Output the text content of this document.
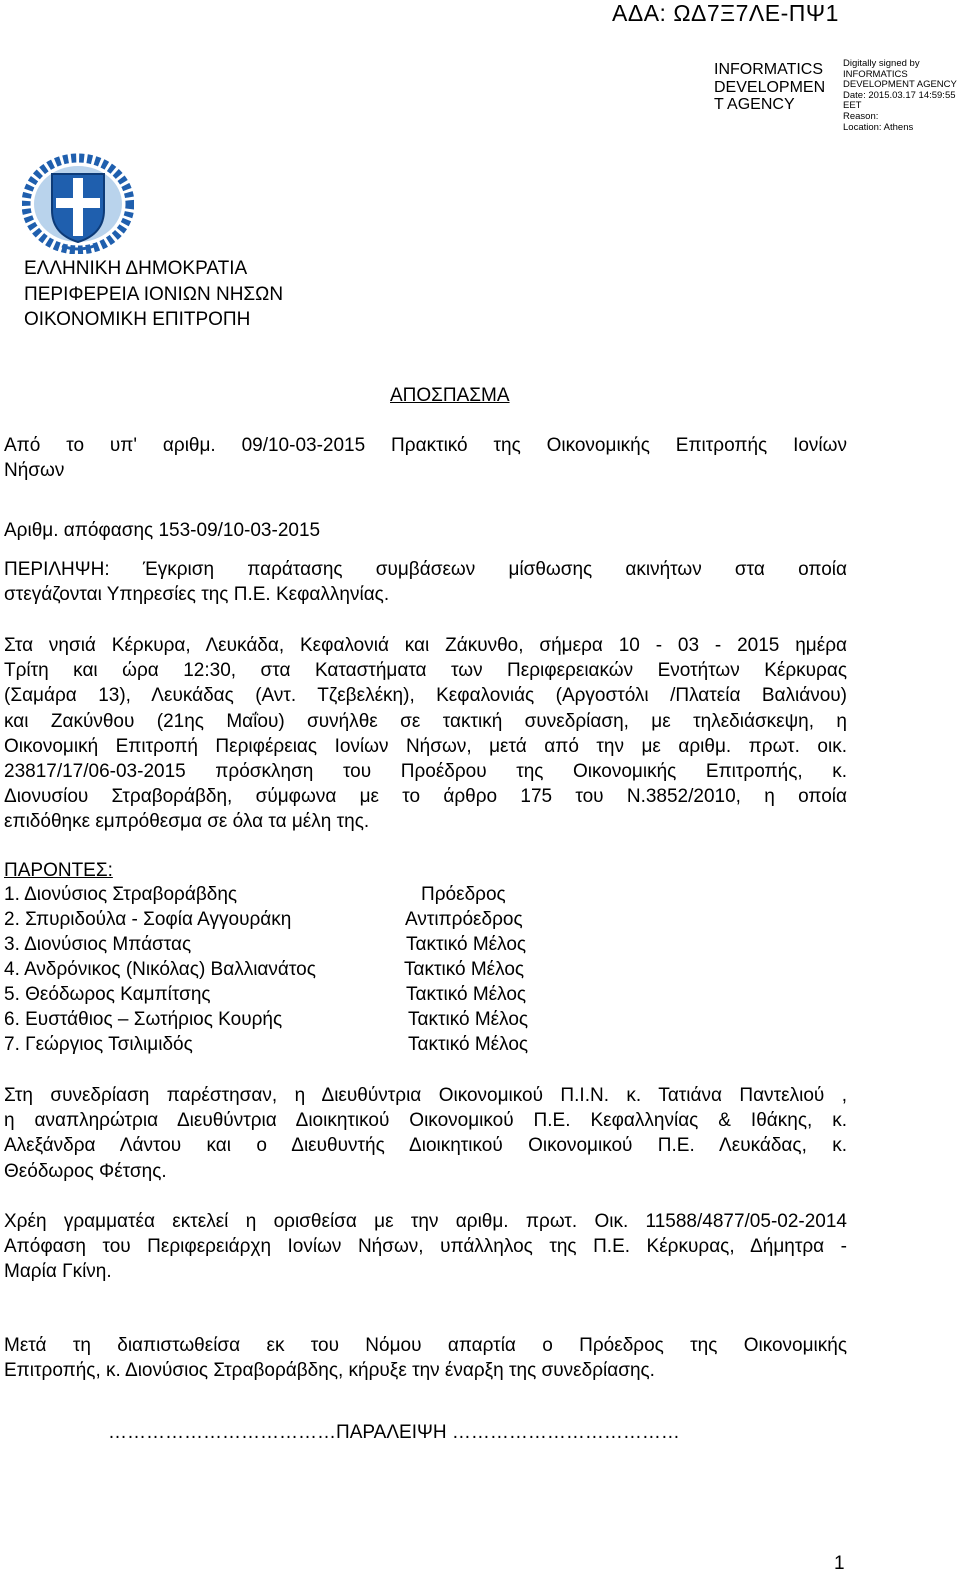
ΑΔΑ: ΩΔ7Ξ7ΛΕ-ΠΨ1
INFORMATICS
DEVELOPMEN
T AGENCY
Digitally signed by
INFORMATICS
DEVELOPMENT AGENCY
Date: 2015.03.17 14:59:55
EET
Reason:
Location: Athens
ΕΛΛΗΝΙΚΗ ΔΗΜΟΚΡΑΤΙΑ
ΠΕΡΙΦΕΡΕΙΑ ΙΟΝΙΩΝ ΝΗΣΩΝ
ΟΙΚΟΝΟΜΙΚΗ ΕΠΙΤΡΟΠΗ
ΑΠΟΣΠΑΣΜΑ
Από το υπ' αριθμ. 09/10-03-2015 Πρακτικό της Οικονομικής Επιτροπής Ιονίων
Νήσων
Αριθμ. απόφασης 153-09/10-03-2015
ΠΕΡΙΛΗΨΗ: Έγκριση παράτασης συμβάσεων μίσθωσης ακινήτων στα οποία
στεγάζονται Υπηρεσίες της Π.Ε. Κεφαλληνίας.
Στα νησιά Κέρκυρα, Λευκάδα, Κεφαλονιά και Ζάκυνθο, σήμερα 10 - 03 - 2015 ημέρα
Τρίτη και ώρα 12:30, στα Καταστήματα των Περιφερειακών Ενοτήτων Κέρκυρας
(Σαμάρα 13), Λευκάδας (Αντ. Τζεβελέκη), Κεφαλονιάς (Αργοστόλι /Πλατεία Βαλιάνου)
και Ζακύνθου (21ης Μαΐου) συνήλθε σε τακτική συνεδρίαση, με τηλεδιάσκεψη, η
Οικονομική Επιτροπή Περιφέρειας Ιονίων Νήσων, μετά από την με αριθμ. πρωτ. οικ.
23817/17/06-03-2015 πρόσκληση του Προέδρου της Οικονομικής Επιτροπής, κ.
Διονυσίου Στραβοράβδη, σύμφωνα με το άρθρο 175 του Ν.3852/2010, η οποία
επιδόθηκε εμπρόθεσμα σε όλα τα μέλη της.
ΠΑΡΟΝΤΕΣ:
1. Διονύσιος Στραβοράβδης	Πρόεδρος
2. Σπυριδούλα - Σοφία Αγγουράκη	Αντιπρόεδρος
3. Διονύσιος Μπάστας	Τακτικό Μέλος
4. Ανδρόνικος (Νικόλας) Βαλλιανάτος	Τακτικό Μέλος
5. Θεόδωρος Καμπίτσης	Τακτικό Μέλος
6. Ευστάθιος – Σωτήριος Κουρής	Τακτικό Μέλος
7. Γεώργιος Τσιλιμιδός	Τακτικό Μέλος
Στη συνεδρίαση παρέστησαν, η Διευθύντρια Οικονομικού Π.Ι.Ν. κ. Τατιάνα Παντελιού ,
η αναπληρώτρια Διευθύντρια Διοικητικού Οικονομικού Π.Ε. Κεφαλληνίας & Ιθάκης, κ.
Αλεξάνδρα Λάντου και ο Διευθυντής Διοικητικού Οικονομικού Π.Ε. Λευκάδας, κ.
Θεόδωρος Φέτσης.
Χρέη γραμματέα εκτελεί η ορισθείσα με την αριθμ. πρωτ. Οικ. 11588/4877/05-02-2014
Απόφαση του Περιφερειάρχη Ιονίων Νήσων, υπάλληλος της Π.Ε. Κέρκυρας, Δήμητρα -
Μαρία Γκίνη.
Μετά τη διαπιστωθείσα εκ του Νόμου απαρτία ο Πρόεδρος της Οικονομικής
Επιτροπής, κ. Διονύσιος Στραβοράβδης, κήρυξε την έναρξη της συνεδρίασης.
………………………………ΠΑΡΑΛΕΙΨΗ ………………………………
1
